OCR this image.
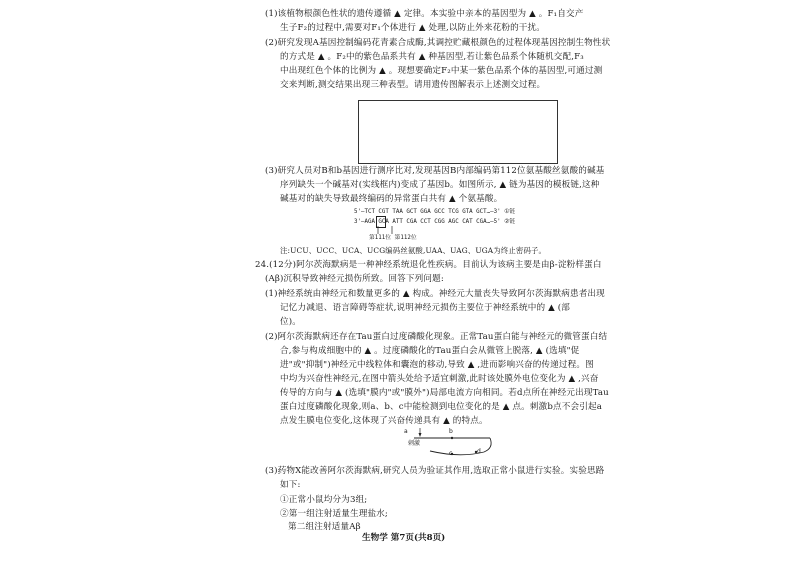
(1)该植物根颜色性状的遗传遵循 ▲ 定律。本实验中亲本的基因型为 ▲ 。F₁自交产
生子F₂的过程中,需要对F₁个体进行 ▲ 处理,以防止外来花粉的干扰。
(2)研究发现A基因控制编码花青素合成酶,其调控贮藏根颜色的过程体现基因控制生物性状
的方式是 ▲ 。F₂中的紫色品系共有 ▲ 种基因型,若让紫色品系个体随机交配,F₃
中出现红色个体的比例为 ▲ 。现想要确定F₂中某一紫色品系个体的基因型,可通过测
交来判断,测交结果出现三种表型。请用遗传图解表示上述测交过程。
(3)研究人员对B和b基因进行测序比对,发现基因B内部编码第112位氨基酸丝氨酸的碱基
序列缺失一个碱基对(实线框内)变成了基因b。如图所示, ▲ 链为基因的模板链,这种
碱基对的缺失导致最终编码的异常蛋白共有 ▲ 个氨基酸。
注:UCU、UCC、UCA、UCG编码丝氨酸,UAA、UAG、UGA为终止密码子。
24.(12分)阿尔茨海默病是一种神经系统退化性疾病。目前认为该病主要是由β-淀粉样蛋白
(Aβ)沉积导致神经元损伤所致。回答下列问题:
(1)神经系统由神经元和数量更多的 ▲ 构成。神经元大量丧失导致阿尔茨海默病患者出现
记忆力减退、语言障碍等症状,说明神经元损伤主要位于神经系统中的 ▲ (部
位)。
(2)阿尔茨海默病还存在Tau蛋白过度磷酸化现象。正常Tau蛋白能与神经元的微管蛋白结
合,参与构成细胞中的 ▲ 。过度磷酸化的Tau蛋白会从微管上脱落, ▲ (选填"促
进"或"抑制")神经元中线粒体和囊泡的移动,导致 ▲ ,进而影响兴奋的传递过程。图
中均为兴奋性神经元,在图中箭头处给予适宜刺激,此时该处膜外电位变化为 ▲ ,兴奋
传导的方向与 ▲ (选填"膜内"或"膜外")局部电流方向相同。若d点所在神经元出现Tau
蛋白过度磷酸化现象,则a、b、c中能检测到电位变化的是 ▲ 点。刺激b点不会引起a
点发生膜电位变化,这体现了兴奋传递具有 ▲ 的特点。
(3)药物X能改善阿尔茨海默病,研究人员为验证其作用,选取正常小鼠进行实验。实验思路
如下:
①正常小鼠均分为3组;
②第一组注射适量生理盐水;
第二组注射适量Aβ
5'—TCT CGT TAA GCT GGA GCC TCG GTA GCT…—3' ①链
3'—AGA GCA ATT CGA CCT CGG AGC CAT CGA…—5' ②链
第111位 第112位
a	b
c	d
刺激
生物学 第7页(共8页)
